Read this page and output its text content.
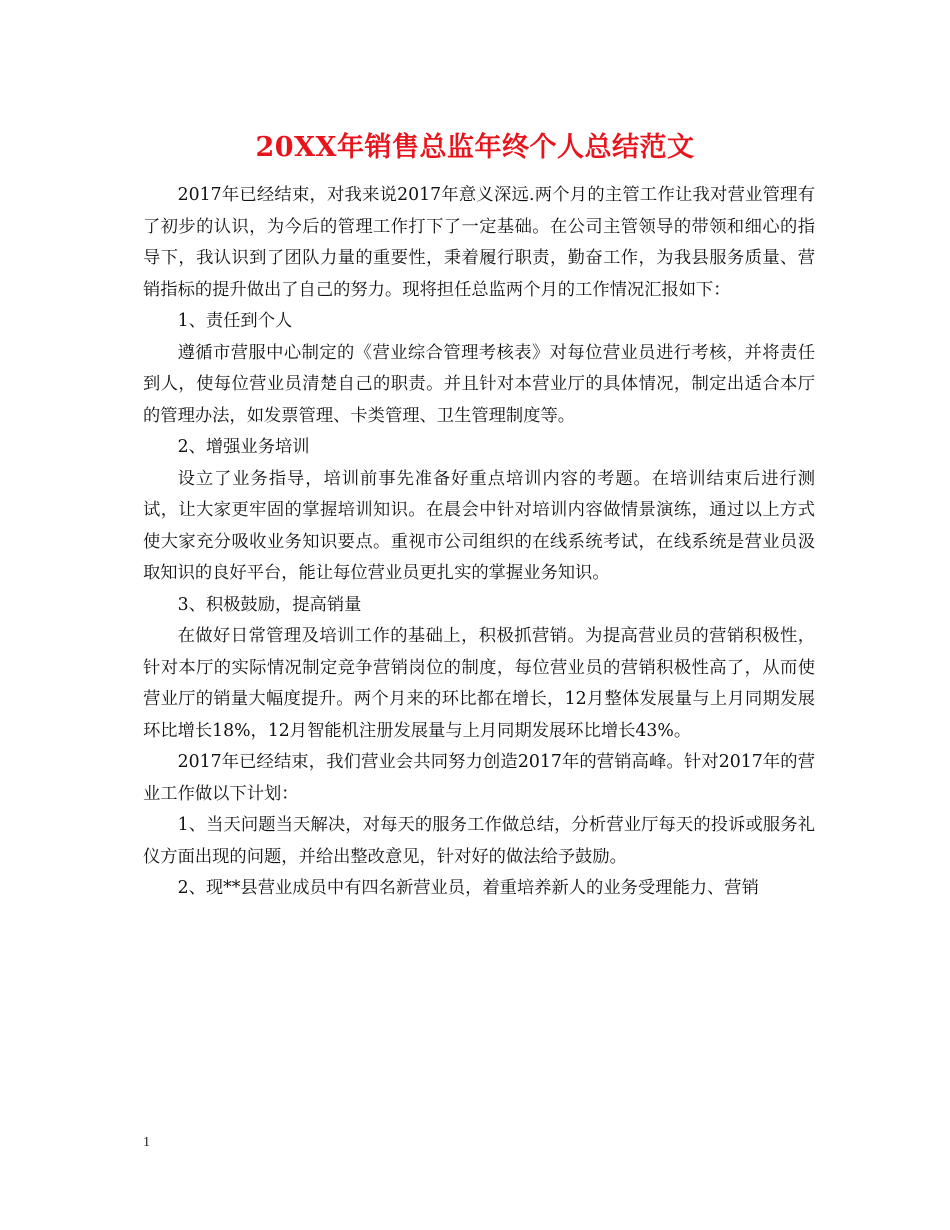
20XX年销售总监年终个人总结范文

2017年已经结束，对我来说2017年意义深远.两个月的主管工作让我对营业管理有了初步的认识，为今后的管理工作打下了一定基础。在公司主管领导的带领和细心的指导下，我认识到了团队力量的重要性，秉着履行职责，勤奋工作，为我县服务质量、营销指标的提升做出了自己的努力。现将担任总监两个月的工作情况汇报如下：

1、责任到个人

遵循市营服中心制定的《营业综合管理考核表》对每位营业员进行考核，并将责任到人，使每位营业员清楚自己的职责。并且针对本营业厅的具体情况，制定出适合本厅的管理办法，如发票管理、卡类管理、卫生管理制度等。

2、增强业务培训

设立了业务指导，培训前事先准备好重点培训内容的考题。在培训结束后进行测试，让大家更牢固的掌握培训知识。在晨会中针对培训内容做情景演练，通过以上方式使大家充分吸收业务知识要点。重视市公司组织的在线系统考试，在线系统是营业员汲取知识的良好平台，能让每位营业员更扎实的掌握业务知识。

3、积极鼓励，提高销量

在做好日常管理及培训工作的基础上，积极抓营销。为提高营业员的营销积极性，针对本厅的实际情况制定竞争营销岗位的制度，每位营业员的营销积极性高了，从而使营业厅的销量大幅度提升。两个月来的环比都在增长，12月整体发展量与上月同期发展环比增长18%，12月智能机注册发展量与上月同期发展环比增长43%。

2017年已经结束，我们营业会共同努力创造2017年的营销高峰。针对2017年的营业工作做以下计划：

1、当天问题当天解决，对每天的服务工作做总结，分析营业厅每天的投诉或服务礼仪方面出现的问题，并给出整改意见，针对好的做法给予鼓励。

2、现**县营业成员中有四名新营业员，着重培养新人的业务受理能力、营销

1
